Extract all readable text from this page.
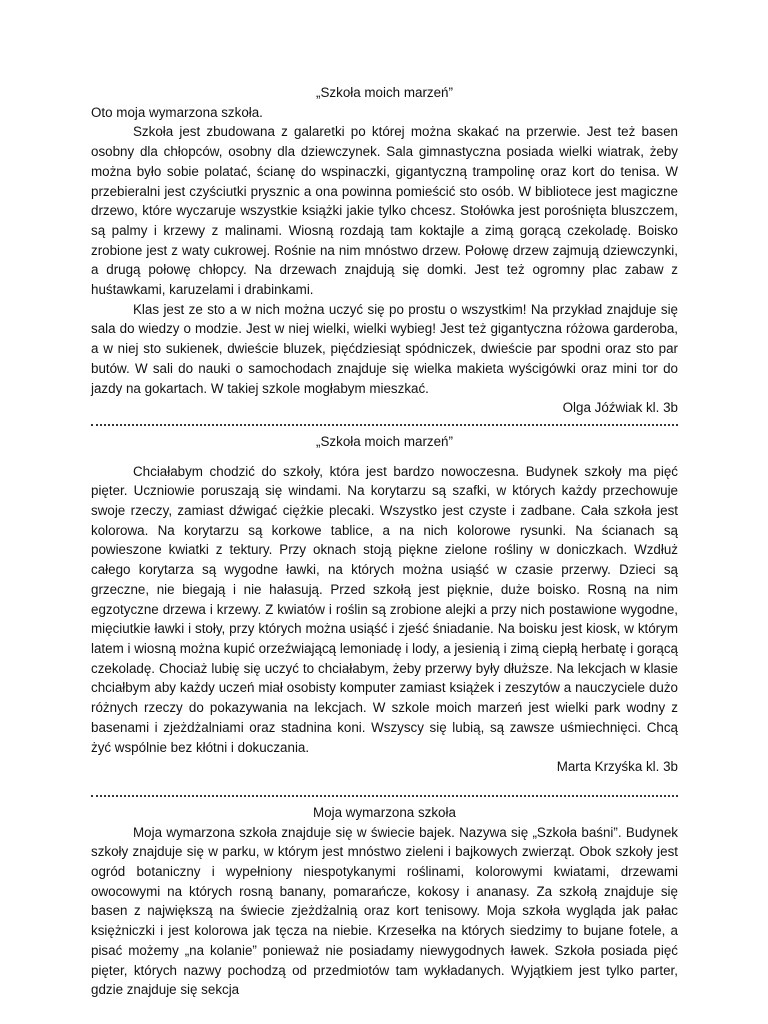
„Szkoła moich marzeń”

Oto moja wymarzona szkoła.

Szkoła jest zbudowana z galaretki po której można skakać na przerwie. Jest też basen osobny dla chłopców, osobny dla dziewczynek. Sala gimnastyczna posiada wielki wiatrak, żeby można było sobie polatać, ścianę do wspinaczki, gigantyczną trampolinę oraz kort do tenisa. W przebieralni jest czyściutki prysznic a ona powinna pomieścić sto osób. W bibliotece jest magiczne drzewo, które wyczaruje wszystkie książki jakie tylko chcesz. Stołówka jest porośnięta bluszczem, są palmy i krzewy z malinami. Wiosną rozdają tam koktajle a zimą gorącą czekoladę. Boisko zrobione jest z waty cukrowej. Rośnie na nim mnóstwo drzew. Połowę drzew zajmują dziewczynki, a drugą połowę chłopcy. Na drzewach znajdują się domki. Jest też ogromny plac zabaw z huśtawkami, karuzelami i drabinkami.

Klas jest ze sto a w nich można uczyć się po prostu o wszystkim! Na przykład znajduje się sala do wiedzy o modzie. Jest w niej wielki, wielki wybieg! Jest też gigantyczna różowa garderoba, a w niej sto sukienek, dwieście bluzek, pięćdziesiąt spódniczek, dwieście par spodni oraz sto par butów. W sali do nauki o samochodach znajduje się wielka makieta wyścigówki oraz mini tor do jazdy na gokartach. W takiej szkole mogłabym mieszkać.

Olga Jóźwiak kl. 3b

„Szkoła moich marzeń”

Chciałabym chodzić do szkoły, która jest bardzo nowoczesna. Budynek szkoły ma pięć pięter. Uczniowie poruszają się windami. Na korytarzu są szafki, w których każdy przechowuje swoje rzeczy, zamiast dźwigać ciężkie plecaki. Wszystko jest czyste i zadbane. Cała szkoła jest kolorowa. Na korytarzu są korkowe tablice, a na nich kolorowe rysunki. Na ścianach są powieszone kwiatki z tektury. Przy oknach stoją piękne zielone rośliny w doniczkach. Wzdłuż całego korytarza są wygodne ławki, na których można usiąść w czasie przerwy. Dzieci są grzeczne, nie biegają i nie hałasują. Przed szkołą jest pięknie, duże boisko. Rosną na nim egzotyczne drzewa i krzewy. Z kwiatów i roślin są zrobione alejki a przy nich postawione wygodne, mięciutkie ławki i stoły, przy których można usiąść i zjeść śniadanie. Na boisku jest kiosk, w którym latem i wiosną można kupić orzeźwiającą lemoniadę i lody, a jesienią i zimą ciepłą herbatę i gorącą czekoladę. Chociaż lubię się uczyć to chciałabym, żeby przerwy były dłuższe. Na lekcjach w klasie chciałbym aby każdy uczeń miał osobisty komputer zamiast książek i zeszytów a nauczyciele dużo różnych rzeczy do pokazywania na lekcjach. W szkole moich marzeń jest wielki park wodny z basenami i zjeżdżalniami oraz stadnina koni. Wszyscy się lubią, są zawsze uśmiechnięci. Chcą żyć wspólnie bez kłótni i dokuczania.

Marta Krzyśka kl. 3b

Moja wymarzona szkoła

Moja wymarzona szkoła znajduje się w świecie bajek. Nazywa się „Szkoła baśni”. Budynek szkoły znajduje się w parku, w którym jest mnóstwo zieleni i bajkowych zwierząt. Obok szkoły jest ogród botaniczny i wypełniony niespotykanymi roślinami, kolorowymi kwiatami, drzewami owocowymi na których rosną banany, pomarańcze, kokosy i ananasy. Za szkołą znajduje się basen z największą na świecie zjeżdżalnią oraz kort tenisowy. Moja szkoła wygląda jak pałac księżniczki i jest kolorowa jak tęcza na niebie. Krzesełka na których siedzimy to bujane fotele, a pisać możemy „na kolanie” ponieważ nie posiadamy niewygodnych ławek. Szkoła posiada pięć pięter, których nazwy pochodzą od przedmiotów tam wykładanych. Wyjątkiem jest tylko parter, gdzie znajduje się sekcja
